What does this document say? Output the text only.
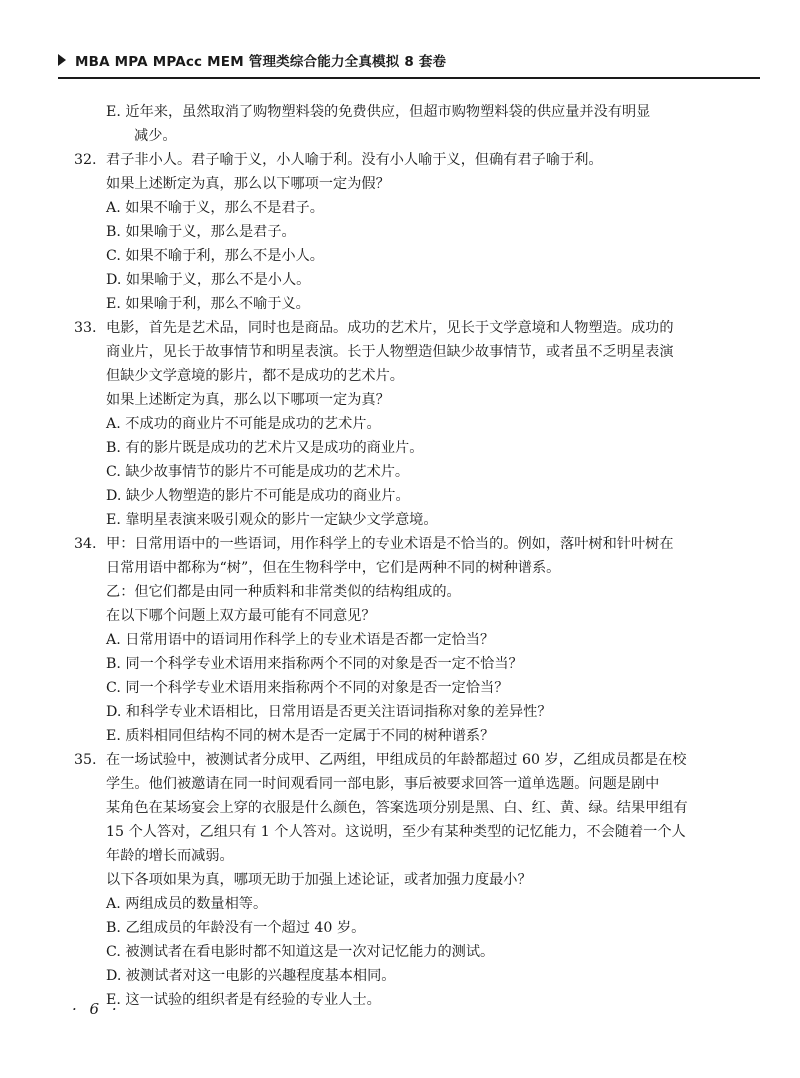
MBA MPA MPAcc MEM 管理类综合能力全真模拟 8 套卷
E. 近年来，虽然取消了购物塑料袋的免费供应，但超市购物塑料袋的供应量并没有明显
减少。
32. 君子非小人。君子喻于义，小人喻于利。没有小人喻于义，但确有君子喻于利。
如果上述断定为真，那么以下哪项一定为假？
A. 如果不喻于义，那么不是君子。
B. 如果喻于义，那么是君子。
C. 如果不喻于利，那么不是小人。
D. 如果喻于义，那么不是小人。
E. 如果喻于利，那么不喻于义。
33. 电影，首先是艺术品，同时也是商品。成功的艺术片，见长于文学意境和人物塑造。成功的
商业片，见长于故事情节和明星表演。长于人物塑造但缺少故事情节，或者虽不乏明星表演
但缺少文学意境的影片，都不是成功的艺术片。
如果上述断定为真，那么以下哪项一定为真？
A. 不成功的商业片不可能是成功的艺术片。
B. 有的影片既是成功的艺术片又是成功的商业片。
C. 缺少故事情节的影片不可能是成功的艺术片。
D. 缺少人物塑造的影片不可能是成功的商业片。
E. 靠明星表演来吸引观众的影片一定缺少文学意境。
34. 甲：日常用语中的一些语词，用作科学上的专业术语是不恰当的。例如，落叶树和针叶树在
日常用语中都称为“树”，但在生物科学中，它们是两种不同的树种谱系。
乙：但它们都是由同一种质料和非常类似的结构组成的。
在以下哪个问题上双方最可能有不同意见？
A. 日常用语中的语词用作科学上的专业术语是否都一定恰当？
B. 同一个科学专业术语用来指称两个不同的对象是否一定不恰当？
C. 同一个科学专业术语用来指称两个不同的对象是否一定恰当？
D. 和科学专业术语相比，日常用语是否更关注语词指称对象的差异性？
E. 质料相同但结构不同的树木是否一定属于不同的树种谱系？
35. 在一场试验中，被测试者分成甲、乙两组，甲组成员的年龄都超过 60 岁，乙组成员都是在校
学生。他们被邀请在同一时间观看同一部电影，事后被要求回答一道单选题。问题是剧中
某角色在某场宴会上穿的衣服是什么颜色，答案选项分别是黑、白、红、黄、绿。结果甲组有
15 个人答对，乙组只有 1 个人答对。这说明，至少有某种类型的记忆能力，不会随着一个人
年龄的增长而减弱。
以下各项如果为真，哪项无助于加强上述论证，或者加强力度最小？
A. 两组成员的数量相等。
B. 乙组成员的年龄没有一个超过 40 岁。
C. 被测试者在看电影时都不知道这是一次对记忆能力的测试。
D. 被测试者对这一电影的兴趣程度基本相同。
E. 这一试验的组织者是有经验的专业人士。
· 6 ·
